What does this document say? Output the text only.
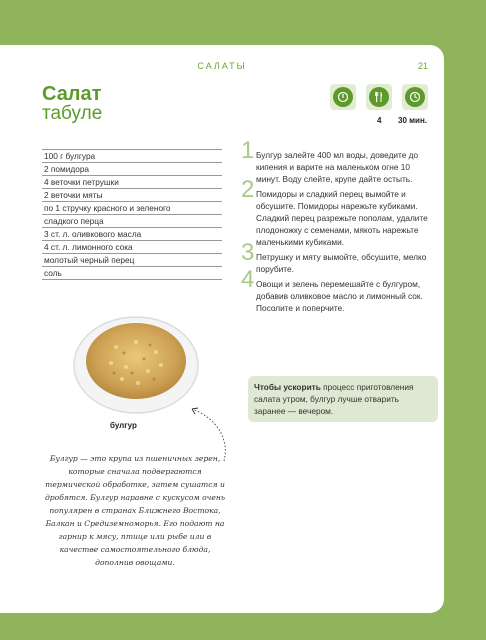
САЛАТЫ	21
Салат
табуле	4 30 мин.
100 г булгура
2 помидора
4 веточки петрушки
2 веточки мяты
по 1 стручку красного и зеленого
сладкого перца
3 ст. л. оливкового масла
4 ст. л. лимонного сока
молотый черный перец
соль
1 Булгур залейте 400 мл воды, доведите до кипения и варите на маленьком огне 10 минут. Воду слейте, крупе дайте остыть.
2 Помидоры и сладкий перец вымойте и обсушите. Помидоры нарежьте кубиками. Сладкий перец разрежьте пополам, удалите плодоножку с семенами, мякоть нарежьте маленькими кубиками.
3 Петрушку и мяту вымойте, обсушите, мелко порубите.
4 Овощи и зелень перемешайте с булгуром, добавив оливковое масло и лимонный сок. Посолите и поперчите.
булгур
Чтобы ускорить процесс приготовления салата утром, булгур лучше отварить заранее — вечером.
Булгур — это крупа из пшеничных зерен, которые сначала подвергаются термической обработке, затем сушатся и дробятся. Булгур наравне с кускусом очень популярен в странах Ближнего Востока, Балкан и Средиземноморья. Его подают на гарнир к мясу, птице или рыбе или в качестве самостоятельного блюда, дополнив овощами.
